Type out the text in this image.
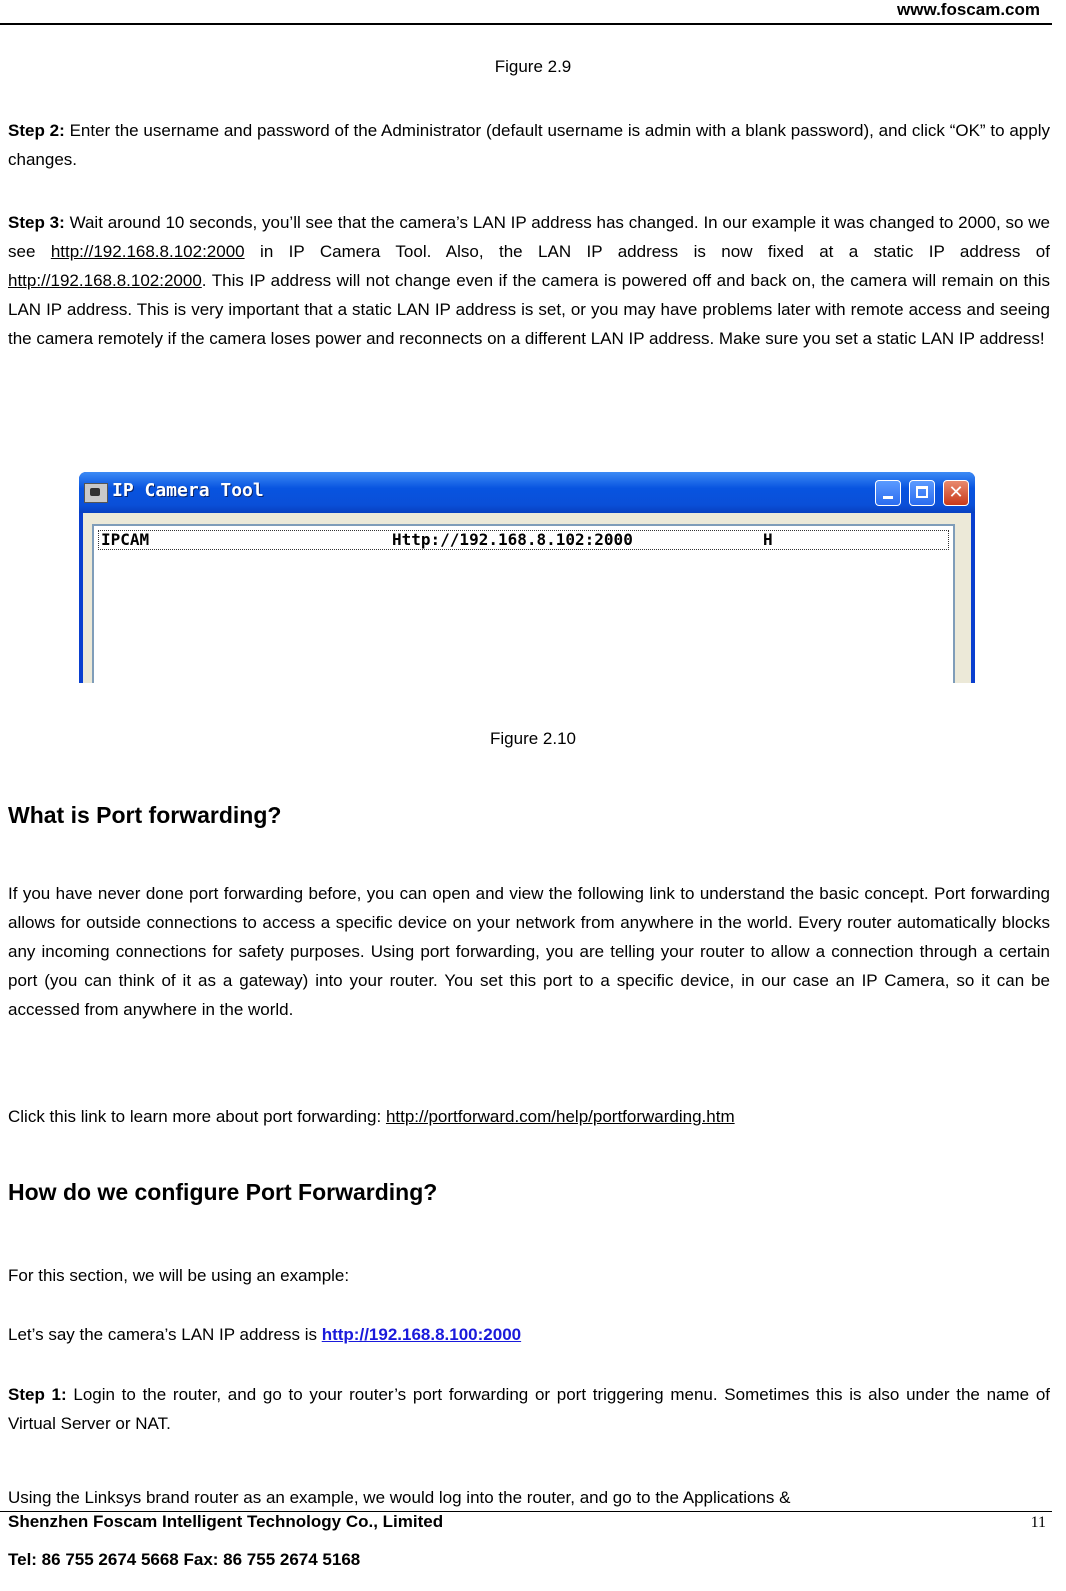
www.foscam.com
Figure 2.9

Step 2: Enter the username and password of the Administrator (default username is admin with a blank password), and click “OK” to apply changes.

Step 3: Wait around 10 seconds, you’ll see that the camera’s LAN IP address has changed. In our example it was changed to 2000, so we see http://192.168.8.102:2000 in IP Camera Tool. Also, the LAN IP address is now fixed at a static IP address of http://192.168.8.102:2000. This IP address will not change even if the camera is powered off and back on, the camera will remain on this LAN IP address. This is very important that a static LAN IP address is set, or you may have problems later with remote access and seeing the camera remotely if the camera loses power and reconnects on a different LAN IP address. Make sure you set a static LAN IP address!

IP Camera Tool	✕
IPCAM	Http://192.168.8.102:2000	H
Figure 2.10
What is Port forwarding?

If you have never done port forwarding before, you can open and view the following link to understand the basic concept. Port forwarding allows for outside connections to access a specific device on your network from anywhere in the world. Every router automatically blocks any incoming connections for safety purposes. Using port forwarding, you are telling your router to allow a connection through a certain port (you can think of it as a gateway) into your router. You set this port to a specific device, in our case an IP Camera, so it can be accessed from anywhere in the world.

Click this link to learn more about port forwarding: http://portforward.com/help/portforwarding.htm

How do we configure Port Forwarding?

For this section, we will be using an example:

Let’s say the camera’s LAN IP address is http://192.168.8.100:2000

Step 1: Login to the router, and go to your router’s port forwarding or port triggering menu. Sometimes this is also under the name of Virtual Server or NAT.

Using the Linksys brand router as an example, we would log into the router, and go to the Applications &

Shenzhen Foscam Intelligent Technology Co., Limited	11
Tel: 86 755 2674 5668 Fax: 86 755 2674 5168
